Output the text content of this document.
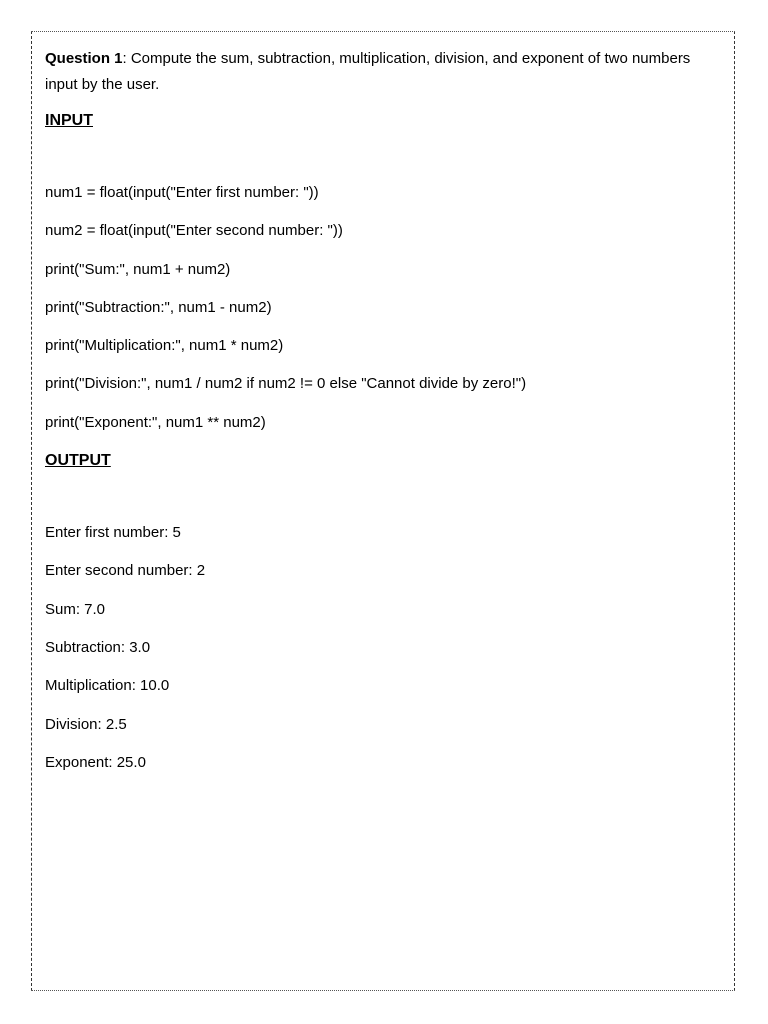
Question 1: Compute the sum, subtraction, multiplication, division, and exponent of two numbers input by the user.

INPUT

num1 = float(input("Enter first number: "))

num2 = float(input("Enter second number: "))

print("Sum:", num1 + num2)

print("Subtraction:", num1 - num2)

print("Multiplication:", num1 * num2)

print("Division:", num1 / num2 if num2 != 0 else "Cannot divide by zero!")

print("Exponent:", num1 ** num2)

OUTPUT

Enter first number: 5

Enter second number: 2

Sum: 7.0

Subtraction: 3.0

Multiplication: 10.0

Division: 2.5

Exponent: 25.0
